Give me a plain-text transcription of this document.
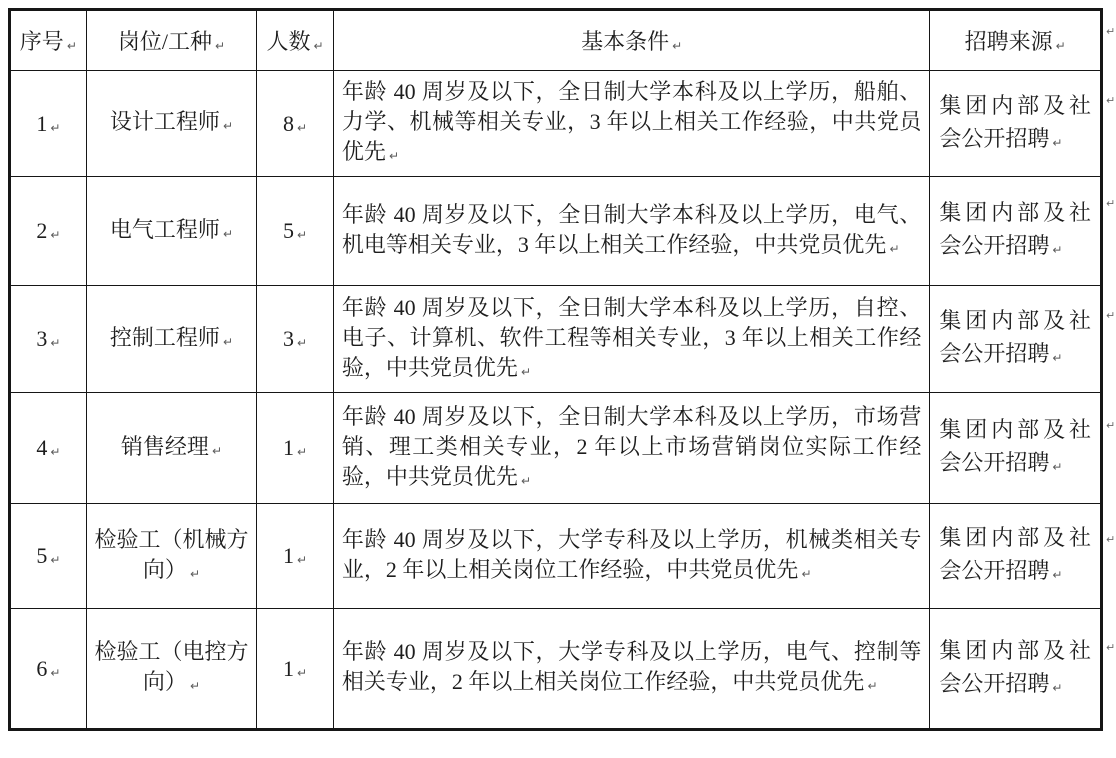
序号 ↵	岗位/工种 ↵	人数 ↵	基本条件 ↵	招聘来源 ↵
1 ↵	设计工程师 ↵	8 ↵	年龄 40 周岁及以下，全日制大学本科及以上学历，船舶、力学、机械等相关专业，3 年以上相关工作经验，中共党员优先 ↵	集团内部及社会公开招聘 ↵
2 ↵	电气工程师 ↵	5 ↵	年龄 40 周岁及以下，全日制大学本科及以上学历，电气、机电等相关专业，3 年以上相关工作经验，中共党员优先 ↵	集团内部及社会公开招聘 ↵
3 ↵	控制工程师 ↵	3 ↵	年龄 40 周岁及以下，全日制大学本科及以上学历，自控、电子、计算机、软件工程等相关专业，3 年以上相关工作经验，中共党员优先 ↵	集团内部及社会公开招聘 ↵
4 ↵	销售经理 ↵	1 ↵	年龄 40 周岁及以下，全日制大学本科及以上学历，市场营销、理工类相关专业，2 年以上市场营销岗位实际工作经验，中共党员优先 ↵	集团内部及社会公开招聘 ↵
5 ↵	检验工（机械方向） ↵	1 ↵	年龄 40 周岁及以下，大学专科及以上学历，机械类相关专业，2 年以上相关岗位工作经验，中共党员优先 ↵	集团内部及社会公开招聘 ↵
6 ↵	检验工（电控方向） ↵	1 ↵	年龄 40 周岁及以下，大学专科及以上学历，电气、控制等相关专业，2 年以上相关岗位工作经验，中共党员优先 ↵	集团内部及社会公开招聘 ↵
↵
↵
↵
↵
↵
↵
↵
